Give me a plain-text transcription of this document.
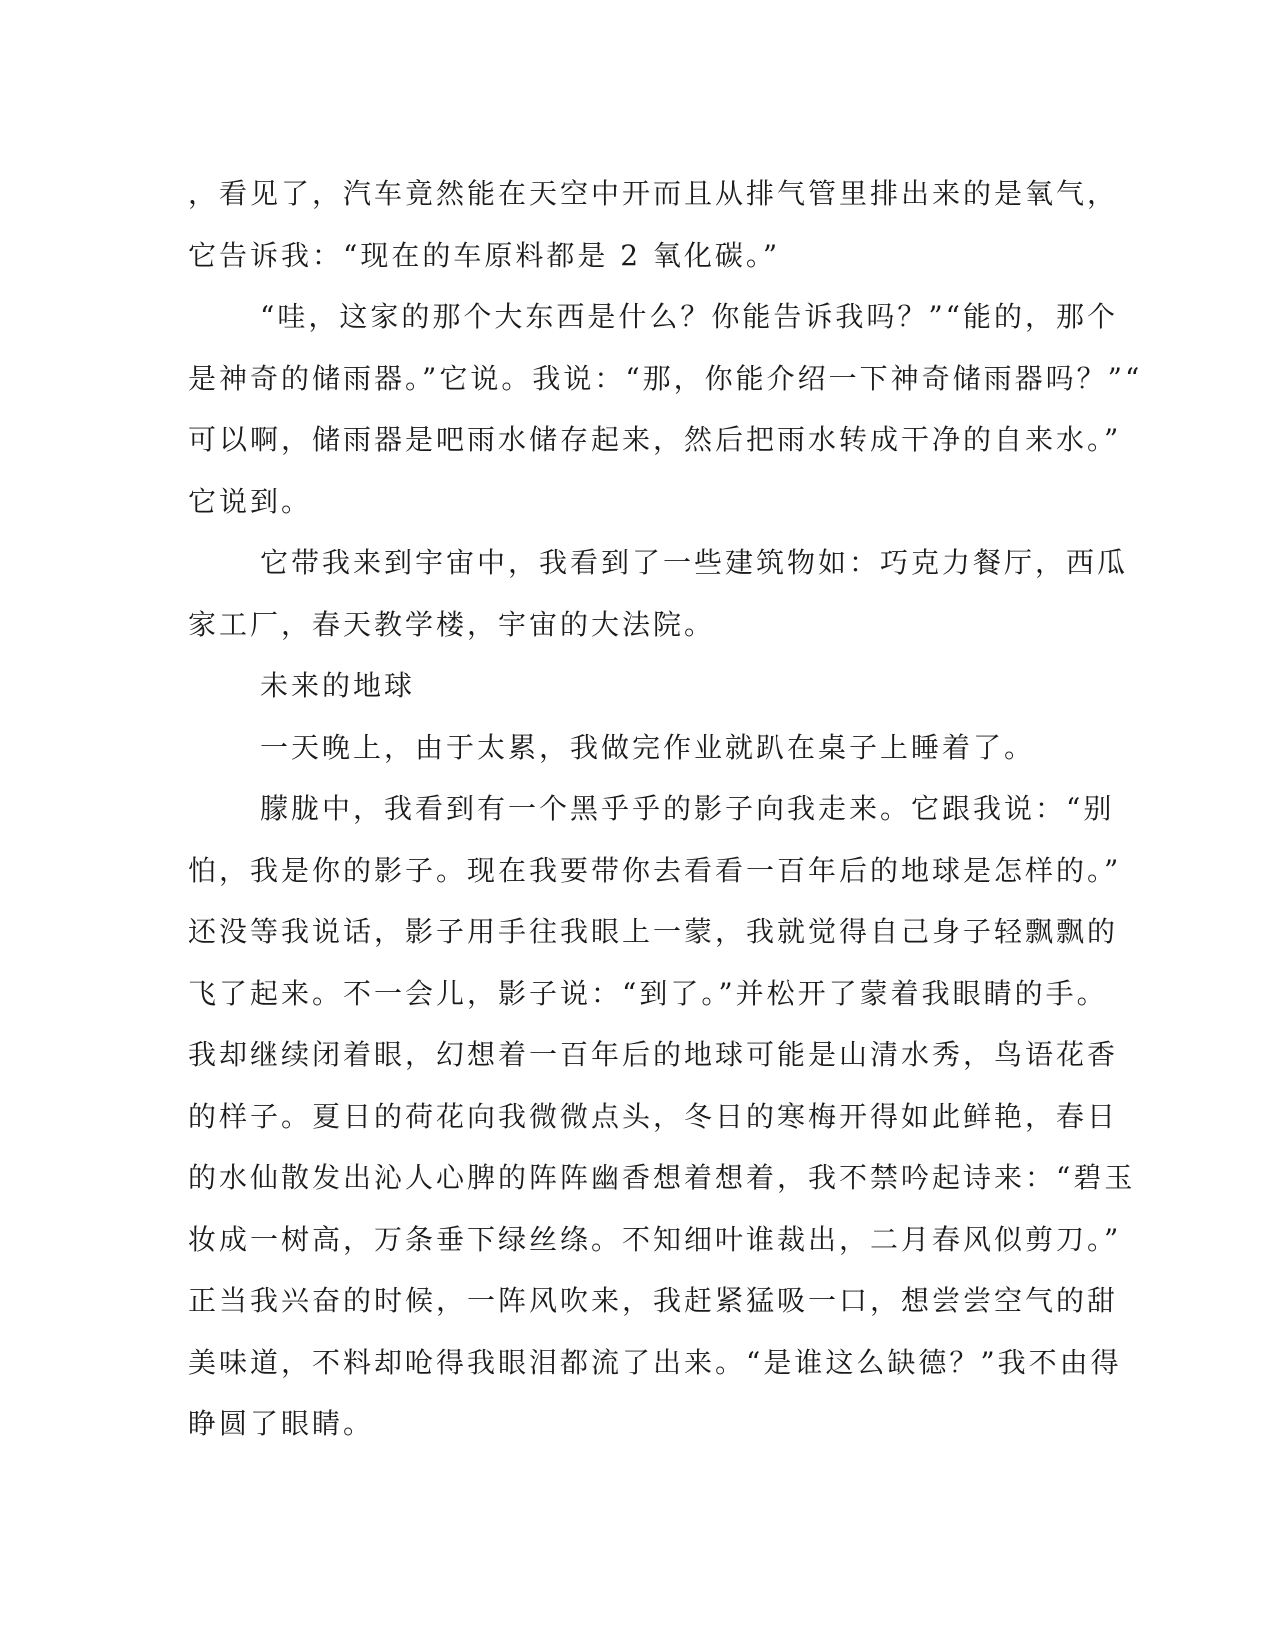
，看见了，汽车竟然能在天空中开而且从排气管里排出来的是氧气，
它告诉我：“现在的车原料都是 2 氧化碳。”
“哇，这家的那个大东西是什么？你能告诉我吗？”“能的，那个
是神奇的储雨器。”它说。我说：“那，你能介绍一下神奇储雨器吗？”“
可以啊，储雨器是吧雨水储存起来，然后把雨水转成干净的自来水。”
它说到。
它带我来到宇宙中，我看到了一些建筑物如：巧克力餐厅，西瓜
家工厂，春天教学楼，宇宙的大法院。
未来的地球
一天晚上，由于太累，我做完作业就趴在桌子上睡着了。
朦胧中，我看到有一个黑乎乎的影子向我走来。它跟我说：“别
怕，我是你的影子。现在我要带你去看看一百年后的地球是怎样的。”
还没等我说话，影子用手往我眼上一蒙，我就觉得自己身子轻飘飘的
飞了起来。不一会儿，影子说：“到了。”并松开了蒙着我眼睛的手。
我却继续闭着眼，幻想着一百年后的地球可能是山清水秀，鸟语花香
的样子。夏日的荷花向我微微点头，冬日的寒梅开得如此鲜艳，春日
的水仙散发出沁人心脾的阵阵幽香想着想着，我不禁吟起诗来：“碧玉
妆成一树高，万条垂下绿丝绦。不知细叶谁裁出，二月春风似剪刀。”
正当我兴奋的时候，一阵风吹来，我赶紧猛吸一口，想尝尝空气的甜
美味道，不料却呛得我眼泪都流了出来。“是谁这么缺德？”我不由得
睁圆了眼睛。
